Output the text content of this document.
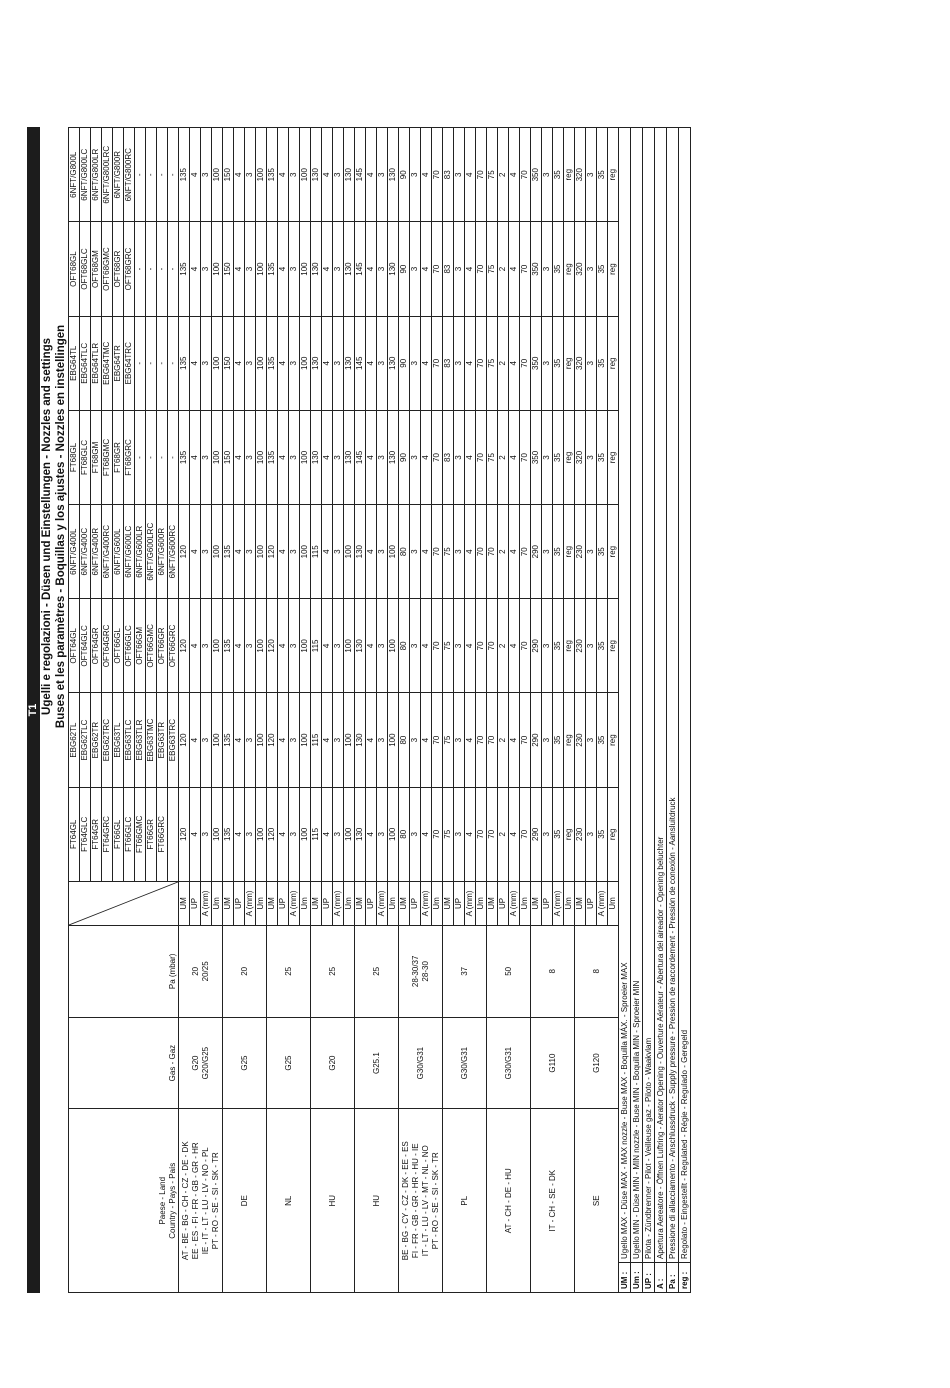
T1

			Ugelli e regolazioni - Düsen und Einstellungen - Nozzles and settings Buses et les paramètres - Boquillas y los ajustes - Nozzles en instellingen								

Paese - Land
Country - Pays - País	Gas - Gaz	Pa (mbar)		FT64GL	EBG62TL	OFT64GL	6NFT/G400L	FT68GL	EBG64TL	OFT68GL	6NFT/G800L
				FT64GLC	EBG62TLC	OFT64GLC	6NFT/G400C	FT68GLC	EBG64TLC	OFT68GLC	6NFT/G800LC
				FT64GR	EBG62TR	OFT64GR	6NFT/G400R	FT68GM	EBG64TLR	OFT68GM	6NFT/G800LR
				FT64GRC	EBG62TRC	OFT64GRC	6NFT/G400RC	FT68GMC	EBG64TMC	OFT68GMC	6NFT/G800LRC
				FT66GL	EBG63TL	OFT66GL	6NFT/G600L	FT68GR	EBG64TR	OFT68GR	6NFT/G800R
				FT66GLC	EBG63TLC	OFT66GLC	6NFT/G600LC	FT68GRC	EBG64TRC	OFT68GRC	6NFT/G800RC
				FT66GMC	EBG63TLR	OFT66GM	6NFT/G600LR	-	-	-	-
				FT66GR	EBG63TMC	OFT66GMC	6NFT/G600LRC	-	-	-	-
				FT66GRC	EBG63TR	OFT66GR	6NFT/G600R	-	-	-	-
					EBG63TRC	OFT66GRC	6NFT/G600RC	-	-	-	-
AT - BE - BG - CH - CZ - DE - DK
EE - ES - FI - FR - GB - GR - HR
IE - IT - LT - LU - LV - NO - PL
PT - RO - SE - SI - SK - TR	G20
G20/G25	20
20/25	UM	120	120	120	120	135	135	135	135
			UP	4	4	4	4	4	4	4	4
			A (mm)	3	3	3	3	3	3	3	3
			Um	100	100	100	100	100	100	100	100
DE	G25	20	UM	135	135	135	135	150	150	150	150
			UP	4	4	4	4	4	4	4	4
			A (mm)	3	3	3	3	3	3	3	3
			Um	100	100	100	100	100	100	100	100
NL	G25	25	UM	120	120	120	120	135	135	135	135
			UP	4	4	4	4	4	4	4	4
			A (mm)	3	3	3	3	3	3	3	3
			Um	100	100	100	100	100	100	100	100
HU	G20	25	UM	115	115	115	115	130	130	130	130
			UP	4	4	4	4	4	4	4	4
			A (mm)	3	3	3	3	3	3	3	3
			Um	100	100	100	100	130	130	130	130
HU	G25.1	25	UM	130	130	130	130	145	145	145	145
			UP	4	4	4	4	4	4	4	4
			A (mm)	3	3	3	3	3	3	3	3
			Um	100	100	100	100	130	130	130	130
BE - BG - CY - CZ - DK - EE - ES
FI - FR - GB - GR - HR - HU - IE
IT - LT - LU - LV - MT - NL - NO
PT - RO - SE - SI - SK - TR	G30/G31	28-30/37
28-30	UM	80	80	80	80	90	90	90	90
			UP	3	3	3	3	3	3	3	3
			A (mm)	4	4	4	4	4	4	4	4
			Um	70	70	70	70	70	70	70	70
PL	G30/G31	37	UM	75	75	75	75	83	83	83	83
			UP	3	3	3	3	3	3	3	3
			A (mm)	4	4	4	4	4	4	4	4
			Um	70	70	70	70	70	70	70	70
AT - CH - DE - HU	G30/G31	50	UM	70	70	70	70	75	75	75	75
			UP	2	2	2	2	2	2	2	2
			A (mm)	4	4	4	4	4	4	4	4
			Um	70	70	70	70	70	70	70	70
IT - CH - SE - DK	G110	8	UM	290	290	290	290	350	350	350	350
			UP	3	3	3	3	3	3	3	3
			A (mm)	35	35	35	35	35	35	35	35
			Um	reg	reg	reg	reg	reg	reg	reg	reg
SE	G120	8	UM	230	230	230	230	320	320	320	320
			UP	3	3	3	3	3	3	3	3
			A (mm)	35	35	35	35	35	35	35	35
			Um	reg	reg	reg	reg	reg	reg	reg	reg
UM :
Ugello MAX - Düse MAX - MAX nozzle - Buse MAX - Boquilla MÁX. - Sproeier MAX
Um :
Ugello MIN - Düse MIN - MIN nozzle - Buse MIN - Boquilla MIN - Sproeier MIN
UP :
Pilota - Zündbrenner - Pilot - Veilleuse gaz - Piloto - Waakvlam
A :
Apertura Aereatore - Öffnen Luftring - Aerator Opening - Ouverture Aérateur - Abertura del aireador - Opening beluchter
Pa :
Pressione di allacciamento - Anschlussdruck - Supply pressure - Pression de raccordement - Pressión de conexión - Aansluitdruck
reg :
Regolato - Eingestellt - Regulated - Régie - Regulado - Geregeld
